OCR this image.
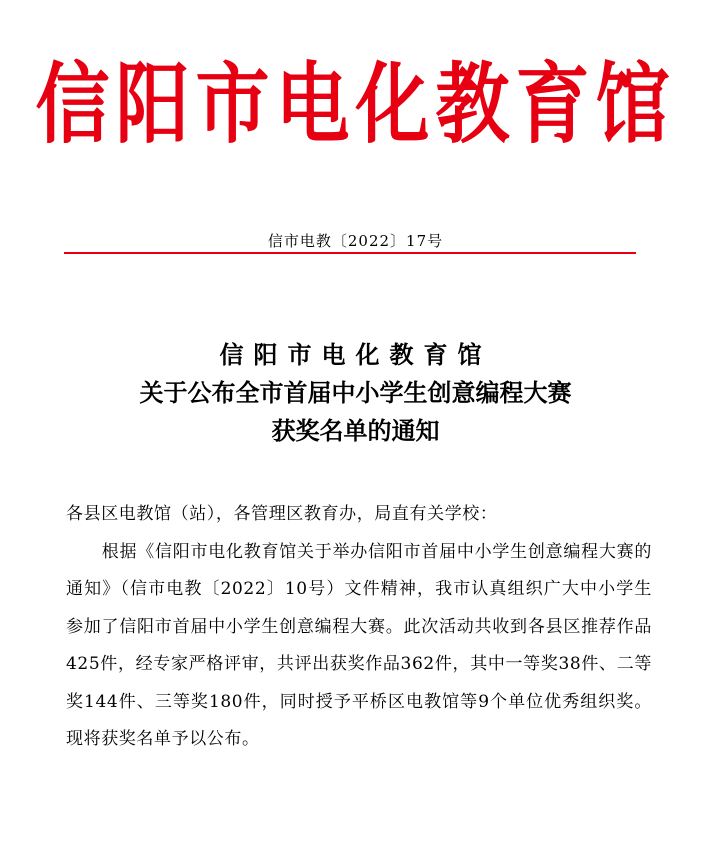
信阳市电化教育馆
信市电教〔2022〕17号
信阳市电化教育馆
关于公布全市首届中小学生创意编程大赛
获奖名单的通知

各县区电教馆（站），各管理区教育办，局直有关学校：

根据《信阳市电化教育馆关于举办信阳市首届中小学生创意编程大赛的通知》（信市电教〔2022〕10号）文件精神，我市认真组织广大中小学生参加了信阳市首届中小学生创意编程大赛。此次活动共收到各县区推荐作品425件，经专家严格评审，共评出获奖作品362件，其中一等奖38件、二等奖144件、三等奖180件，同时授予平桥区电教馆等9个单位优秀组织奖。现将获奖名单予以公布。
